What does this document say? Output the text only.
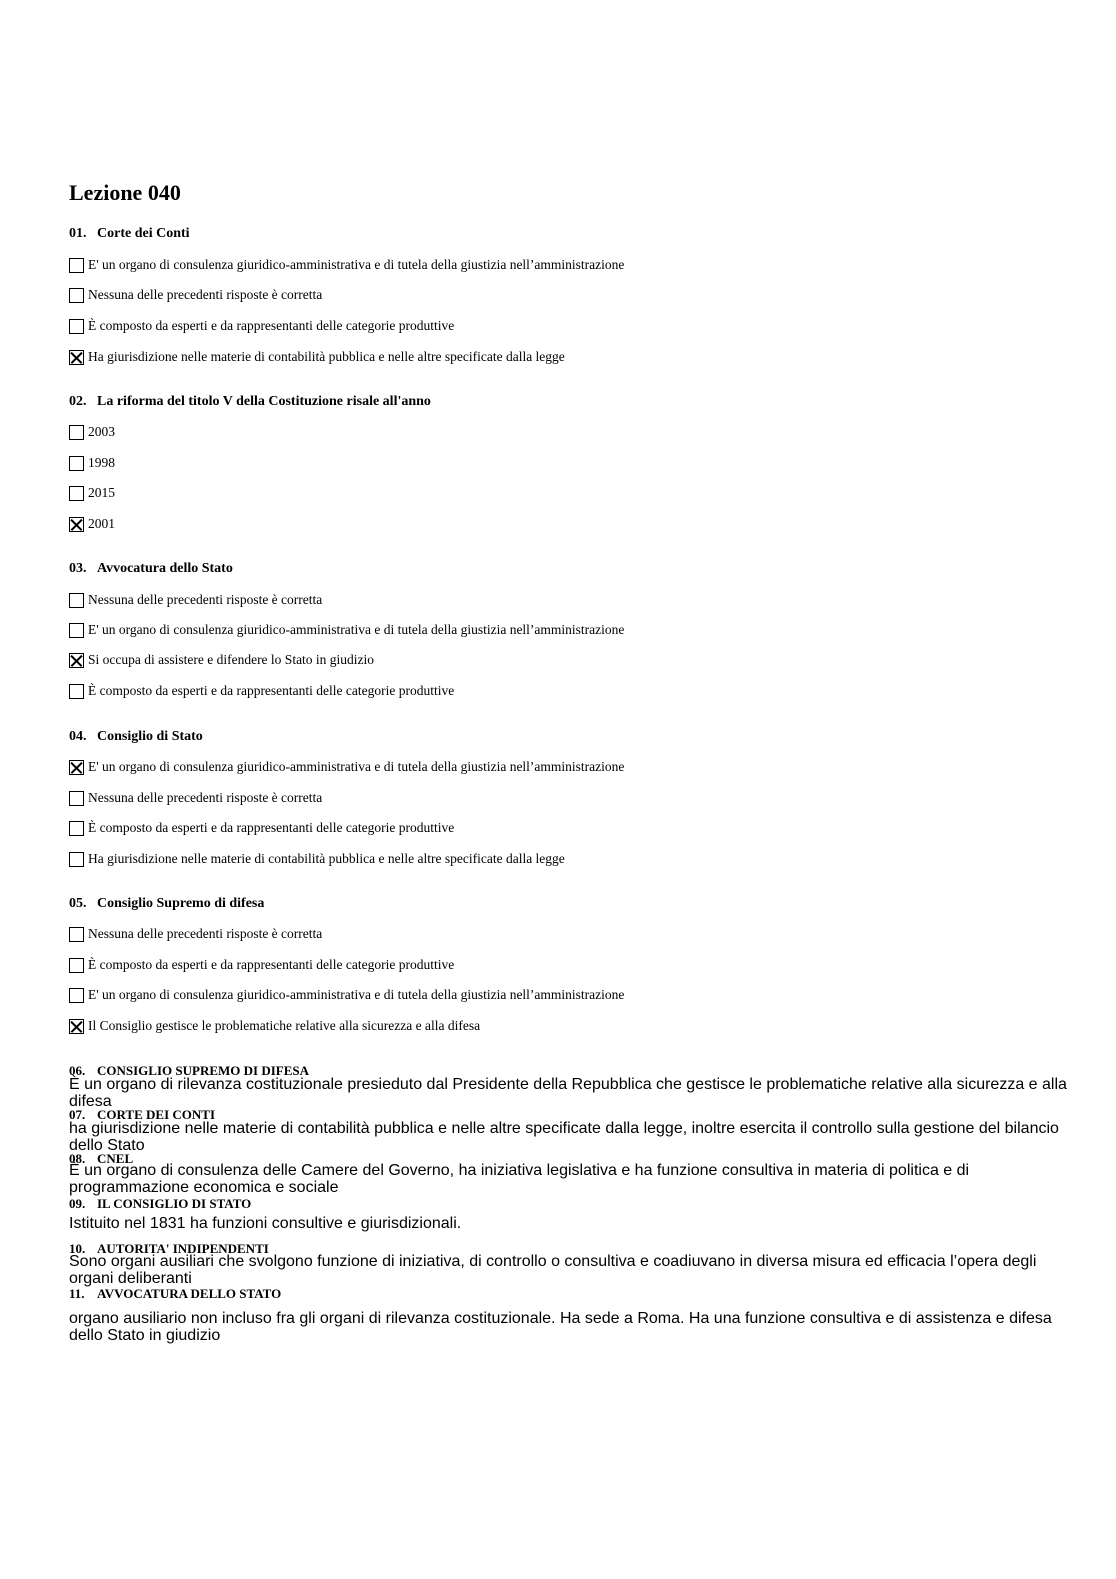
Lezione 040
01. Corte dei Conti
E' un organo di consulenza giuridico-amministrativa e di tutela della giustizia nell’amministrazione
Nessuna delle precedenti risposte è corretta
È composto da esperti e da rappresentanti delle categorie produttive
Ha giurisdizione nelle materie di contabilità pubblica e nelle altre specificate dalla legge
02. La riforma del titolo V della Costituzione risale all'anno
2003
1998
2015
2001
03. Avvocatura dello Stato
Nessuna delle precedenti risposte è corretta
E' un organo di consulenza giuridico-amministrativa e di tutela della giustizia nell’amministrazione
Si occupa di assistere e difendere lo Stato in giudizio
È composto da esperti e da rappresentanti delle categorie produttive
04. Consiglio di Stato
E' un organo di consulenza giuridico-amministrativa e di tutela della giustizia nell’amministrazione
Nessuna delle precedenti risposte è corretta
È composto da esperti e da rappresentanti delle categorie produttive
Ha giurisdizione nelle materie di contabilità pubblica e nelle altre specificate dalla legge
05. Consiglio Supremo di difesa
Nessuna delle precedenti risposte è corretta
È composto da esperti e da rappresentanti delle categorie produttive
E' un organo di consulenza giuridico-amministrativa e di tutela della giustizia nell’amministrazione
Il Consiglio gestisce le problematiche relative alla sicurezza e alla difesa
06. CONSIGLIO SUPREMO DI DIFESA
È un organo di rilevanza costituzionale presieduto dal Presidente della Repubblica che gestisce le problematiche relative alla sicurezza e alla difesa
07. CORTE DEI CONTI
ha giurisdizione nelle materie di contabilità pubblica e nelle altre specificate dalla legge, inoltre esercita il controllo sulla gestione del bilancio dello Stato
08. CNEL
È un organo di consulenza delle Camere del Governo, ha iniziativa legislativa e ha funzione consultiva in materia di politica e di programmazione economica e sociale
09. IL CONSIGLIO DI STATO
Istituito nel 1831 ha funzioni consultive e giurisdizionali.
10. AUTORITA' INDIPENDENTI
Sono organi ausiliari che svolgono funzione di iniziativa, di controllo o consultiva e coadiuvano in diversa misura ed efficacia l’opera degli organi deliberanti
11. AVVOCATURA DELLO STATO
organo ausiliario non incluso fra gli organi di rilevanza costituzionale. Ha sede a Roma. Ha una funzione consultiva e di assistenza e difesa dello Stato in giudizio
